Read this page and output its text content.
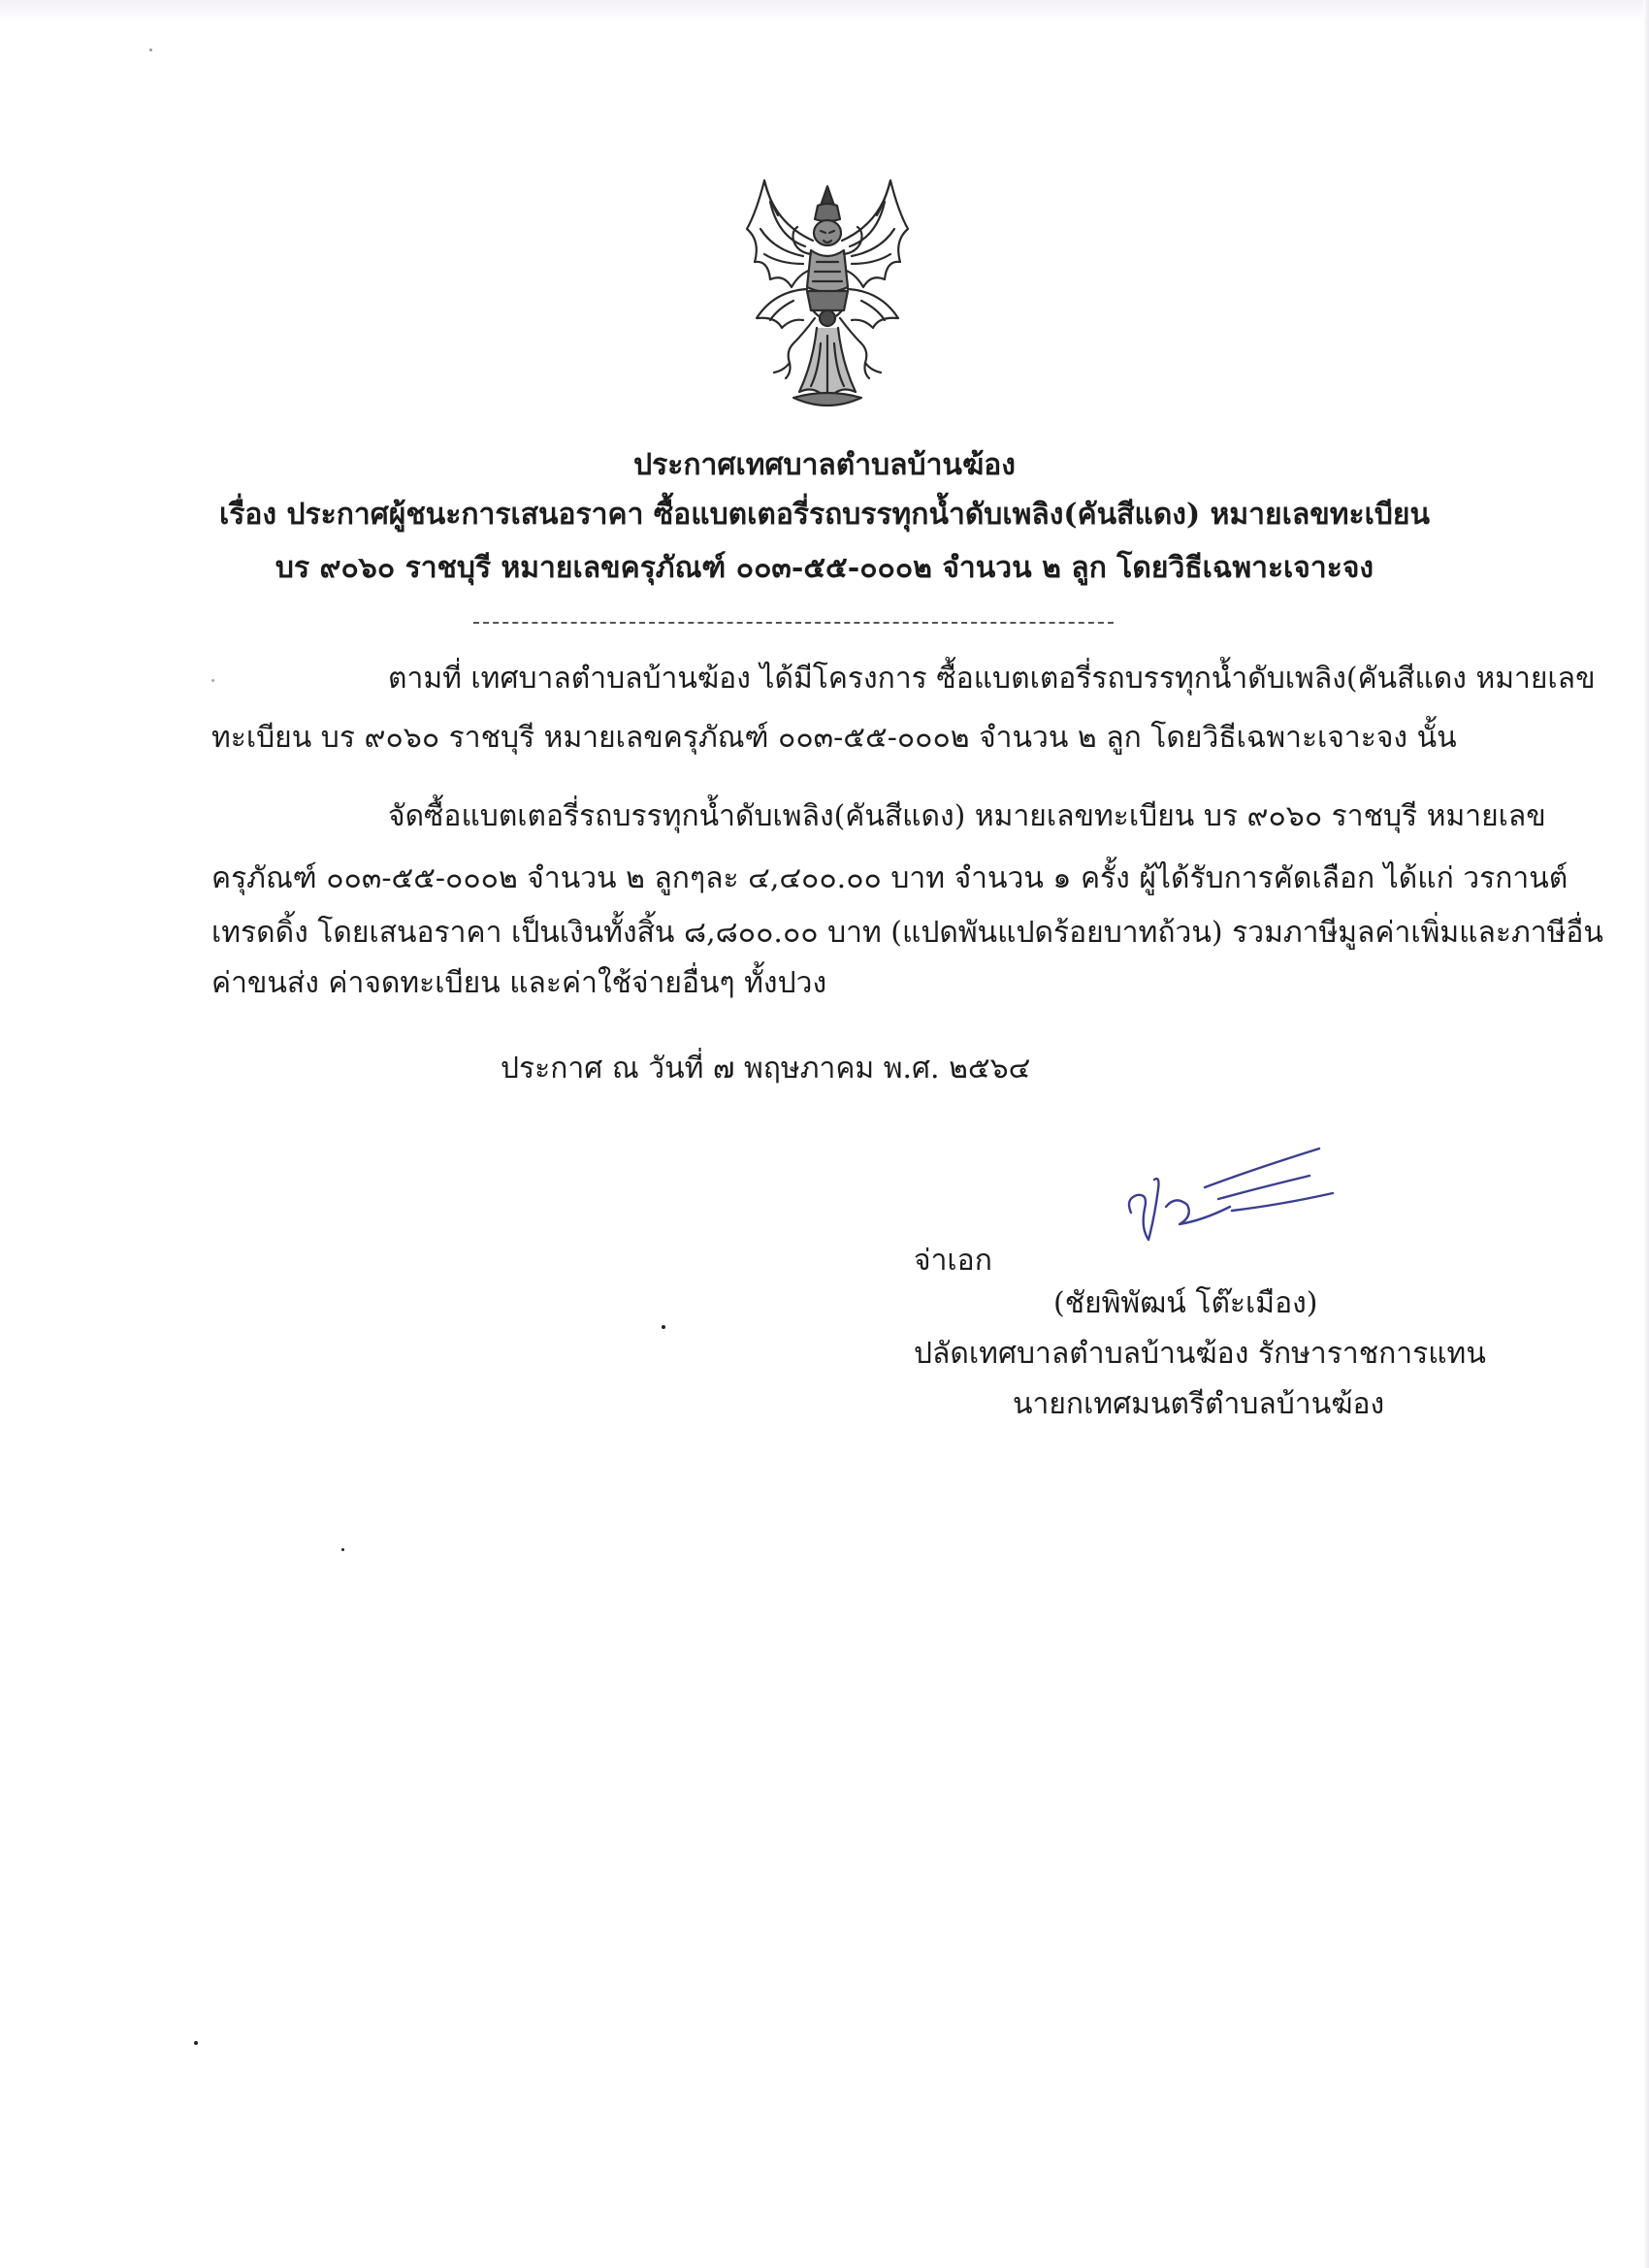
ประกาศเทศบาลตำบลบ้านฆ้อง
เรื่อง ประกาศผู้ชนะการเสนอราคา ซื้อแบตเตอรี่รถบรรทุกน้ำดับเพลิง(คันสีแดง) หมายเลขทะเบียน
บร ๙๐๖๐ ราชบุรี หมายเลขครุภัณฑ์ ๐๐๓-๕๕-๐๐๐๒ จำนวน ๒ ลูก โดยวิธีเฉพาะเจาะจง
ตามที่ เทศบาลตำบลบ้านฆ้อง ได้มีโครงการ ซื้อแบตเตอรี่รถบรรทุกน้ำดับเพลิง(คันสีแดง หมายเลข
ทะเบียน บร ๙๐๖๐ ราชบุรี หมายเลขครุภัณฑ์ ๐๐๓-๕๕-๐๐๐๒ จำนวน ๒ ลูก โดยวิธีเฉพาะเจาะจง นั้น
จัดซื้อแบตเตอรี่รถบรรทุกน้ำดับเพลิง(คันสีแดง) หมายเลขทะเบียน บร ๙๐๖๐ ราชบุรี หมายเลข
ครุภัณฑ์ ๐๐๓-๕๕-๐๐๐๒ จำนวน ๒ ลูกๆละ ๔,๔๐๐.๐๐ บาท จำนวน ๑ ครั้ง ผู้ได้รับการคัดเลือก ได้แก่ วรกานต์
เทรดดิ้ง โดยเสนอราคา เป็นเงินทั้งสิ้น ๘,๘๐๐.๐๐ บาท (แปดพันแปดร้อยบาทถ้วน) รวมภาษีมูลค่าเพิ่มและภาษีอื่น
ค่าขนส่ง ค่าจดทะเบียน และค่าใช้จ่ายอื่นๆ ทั้งปวง
ประกาศ ณ วันที่ ๗ พฤษภาคม พ.ศ. ๒๕๖๔
จ่าเอก
(ชัยพิพัฒน์ โต๊ะเมือง)
ปลัดเทศบาลตำบลบ้านฆ้อง รักษาราชการแทน
นายกเทศมนตรีตำบลบ้านฆ้อง
